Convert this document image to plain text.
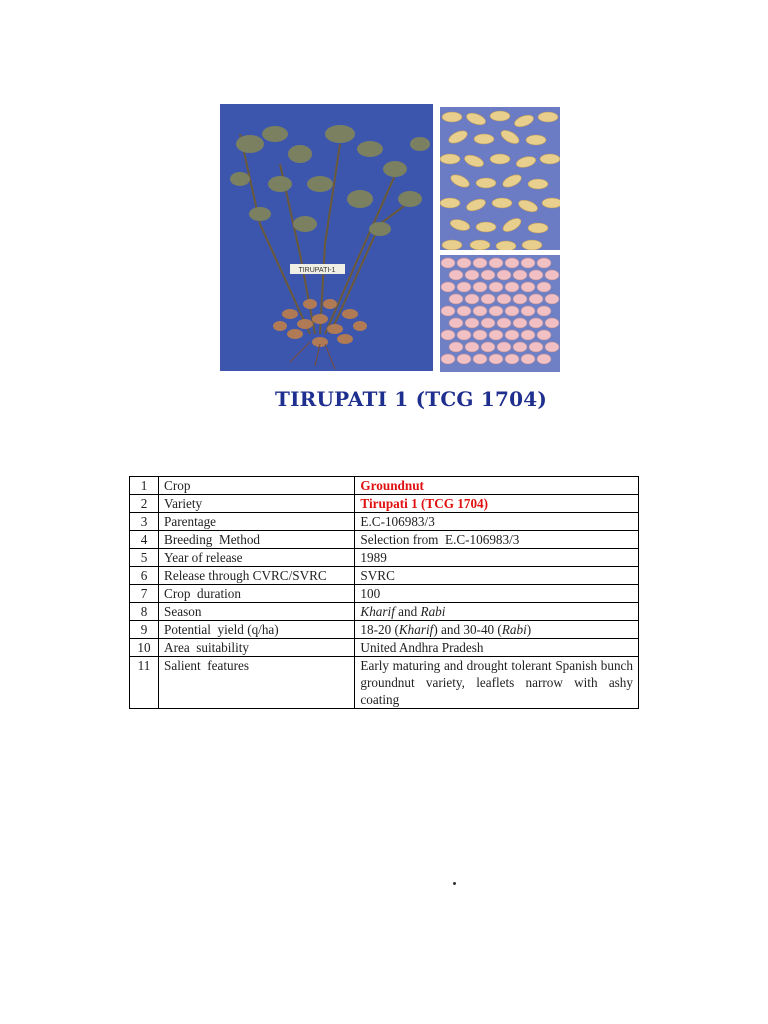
TIRUPATI-1
TIRUPATI 1 (TCG 1704)
1	Crop	Groundnut
2	Variety	Tirupati 1 (TCG 1704)
3	Parentage	E.C-106983/3
4	Breeding  Method	Selection from  E.C-106983/3
5	Year of release	1989
6	Release through CVRC/SVRC	SVRC
7	Crop  duration	100
8	Season	Kharif and Rabi
9	Potential  yield (q/ha)	18-20 (Kharif) and 30-40 (Rabi)
10	Area  suitability	United Andhra Pradesh
11	Salient  features	Early maturing and drought tolerant Spanish bunch groundnut variety, leaflets narrow with ashy coating
